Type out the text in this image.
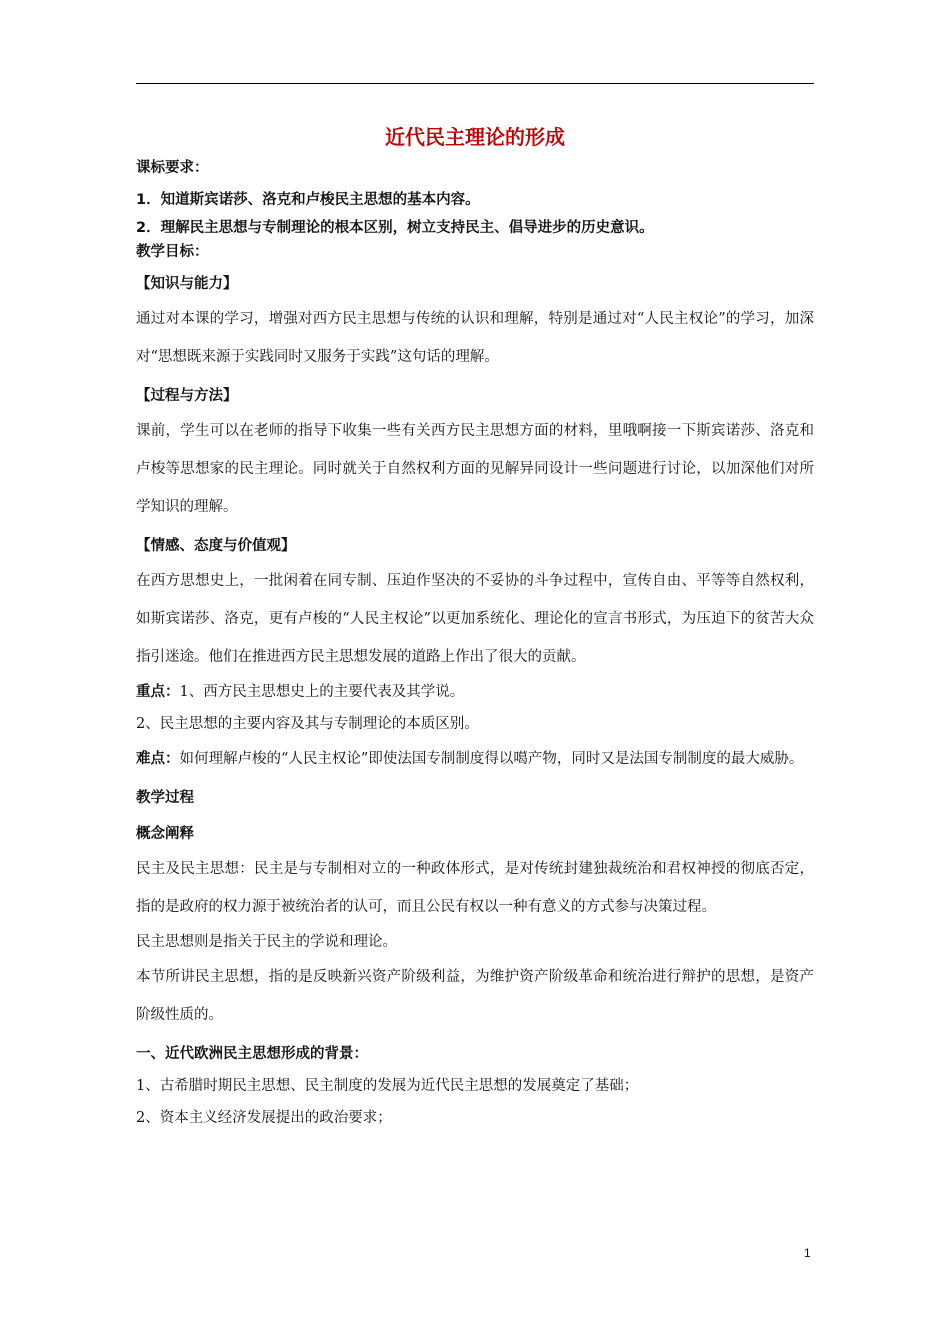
近代民主理论的形成
课标要求：
1．知道斯宾诺莎、洛克和卢梭民主思想的基本内容。
2．理解民主思想与专制理论的根本区别，树立支持民主、倡导进步的历史意识。
教学目标：
【知识与能力】
通过对本课的学习，增强对西方民主思想与传统的认识和理解，特别是通过对“人民主权论”的学习，加深对“思想既来源于实践同时又服务于实践”这句话的理解。
【过程与方法】
课前，学生可以在老师的指导下收集一些有关西方民主思想方面的材料，里哦啊接一下斯宾诺莎、洛克和卢梭等思想家的民主理论。同时就关于自然权利方面的见解异同设计一些问题进行讨论，以加深他们对所学知识的理解。
【情感、态度与价值观】
在西方思想史上，一批闲着在同专制、压迫作坚决的不妥协的斗争过程中，宣传自由、平等等自然权利，如斯宾诺莎、洛克，更有卢梭的“人民主权论”以更加系统化、理论化的宣言书形式，为压迫下的贫苦大众指引迷途。他们在推进西方民主思想发展的道路上作出了很大的贡献。
重点：1、西方民主思想史上的主要代表及其学说。
2、民主思想的主要内容及其与专制理论的本质区别。
难点：如何理解卢梭的“人民主权论”即使法国专制制度得以噶产物，同时又是法国专制制度的最大威胁。
教学过程
概念阐释
民主及民主思想：民主是与专制相对立的一种政体形式，是对传统封建独裁统治和君权神授的彻底否定，指的是政府的权力源于被统治者的认可，而且公民有权以一种有意义的方式参与决策过程。
民主思想则是指关于民主的学说和理论。
本节所讲民主思想，指的是反映新兴资产阶级利益，为维护资产阶级革命和统治进行辩护的思想，是资产阶级性质的。
一、近代欧洲民主思想形成的背景：
1、古希腊时期民主思想、民主制度的发展为近代民主思想的发展奠定了基础；
2、资本主义经济发展提出的政治要求；
1
